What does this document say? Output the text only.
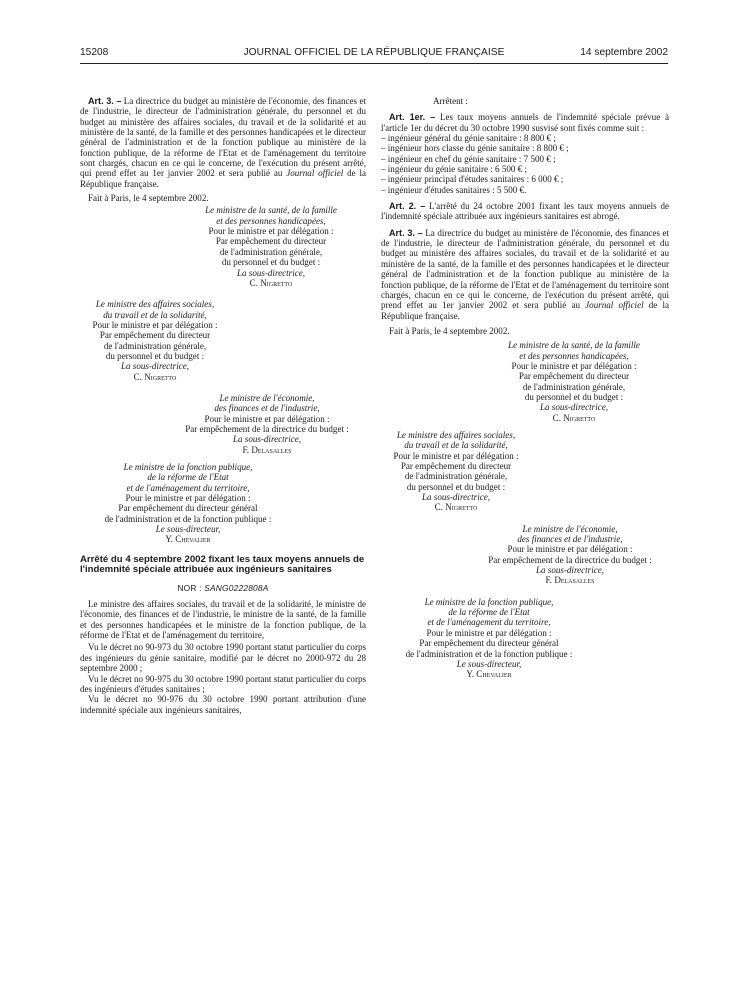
15208	JOURNAL OFFICIEL DE LA RÉPUBLIQUE FRANÇAISE	14 septembre 2002

Art. 3. – La directrice du budget au ministère de l'économie, des finances et de l'industrie, le directeur de l'administration générale, du personnel et du budget au ministère des affaires sociales, du travail et de la solidarité et au ministère de la santé, de la famille et des personnes handicapées et le directeur général de l'administration et de la fonction publique au ministère de la fonction publique, de la réforme de l'Etat et de l'aménagement du territoire sont chargés, chacun en ce qui le concerne, de l'exécution du présent arrêté, qui prend effet au 1er janvier 2002 et sera publié au Journal officiel de la République française.

Fait à Paris, le 4 septembre 2002.

Le ministre de la santé, de la famille

et des personnes handicapées,

Pour le ministre et par délégation :

Par empêchement du directeur

de l'administration générale,

du personnel et du budget :

La sous-directrice,

C. Nigretto

Le ministre des affaires sociales,

du travail et de la solidarité,

Pour le ministre et par délégation :

Par empêchement du directeur

de l'administration générale,

du personnel et du budget :

La sous-directrice,

C. Nigretto

Le ministre de l'économie,

des finances et de l'industrie,

Pour le ministre et par délégation :

Par empêchement de la directrice du budget :

La sous-directrice,

F. Delasalles

Le ministre de la fonction publique,

de la réforme de l'Etat

et de l'aménagement du territoire,

Pour le ministre et par délégation :

Par empêchement du directeur général

de l'administration et de la fonction publique :

Le sous-directeur,

Y. Chevalier

Arrêté du 4 septembre 2002 fixant les taux moyens annuels de l'indemnité spéciale attribuée aux ingénieurs sanitaires

NOR : SANG0222808A

Le ministre des affaires sociales, du travail et de la solidarité, le ministre de l'économie, des finances et de l'industrie, le ministre de la santé, de la famille et des personnes handicapées et le ministre de la fonction publique, de la réforme de l'Etat et de l'aménagement du territoire,

Vu le décret no 90-973 du 30 octobre 1990 portant statut particulier du corps des ingénieurs du génie sanitaire, modifié par le décret no 2000-972 du 28 septembre 2000 ;

Vu le décret no 90-975 du 30 octobre 1990 portant statut particulier du corps des ingénieurs d'études sanitaires ;

Vu le décret no 90-976 du 30 octobre 1990 portant attribution d'une indemnité spéciale aux ingénieurs sanitaires,

Arrêtent :

Art. 1er. – Les taux moyens annuels de l'indemnité spéciale prévue à l'article 1er du décret du 30 octobre 1990 susvisé sont fixés comme suit :

– ingénieur général du génie sanitaire : 8 800 € ;
– ingénieur hors classe du génie sanitaire : 8 800 € ;
– ingénieur en chef du génie sanitaire : 7 500 € ;
– ingénieur du génie sanitaire : 6 500 € ;
– ingénieur principal d'études sanitaires : 6 000 € ;
– ingénieur d'études sanitaires : 5 500 €.

Art. 2. – L'arrêté du 24 octobre 2001 fixant les taux moyens annuels de l'indemnité spéciale attribuée aux ingénieurs sanitaires est abrogé.

Art. 3. – La directrice du budget au ministère de l'économie, des finances et de l'industrie, le directeur de l'administration générale, du personnel et du budget au ministère des affaires sociales, du travail et de la solidarité et au ministère de la santé, de la famille et des personnes handicapées et le directeur général de l'administration et de la fonction publique au ministère de la fonction publique, de la réforme de l'Etat et de l'aménagement du territoire sont chargés, chacun en ce qui le concerne, de l'exécution du présent arrêté, qui prend effet au 1er janvier 2002 et sera publié au Journal officiel de la République française.

Fait à Paris, le 4 septembre 2002.

Le ministre de la santé, de la famille

et des personnes handicapées,

Pour le ministre et par délégation :

Par empêchement du directeur

de l'administration générale,

du personnel et du budget :

La sous-directrice,

C. Nigretto

Le ministre des affaires sociales,

du travail et de la solidarité,

Pour le ministre et par délégation :

Par empêchement du directeur

de l'administration générale,

du personnel et du budget :

La sous-directrice,

C. Nigretto

Le ministre de l'économie,

des finances et de l'industrie,

Pour le ministre et par délégation :

Par empêchement de la directrice du budget :

La sous-directrice,

F. Delasalles

Le ministre de la fonction publique,

de la réforme de l'Etat

et de l'aménagement du territoire,

Pour le ministre et par délégation :

Par empêchement du directeur général

de l'administration et de la fonction publique :

Le sous-directeur,

Y. Chevalier
